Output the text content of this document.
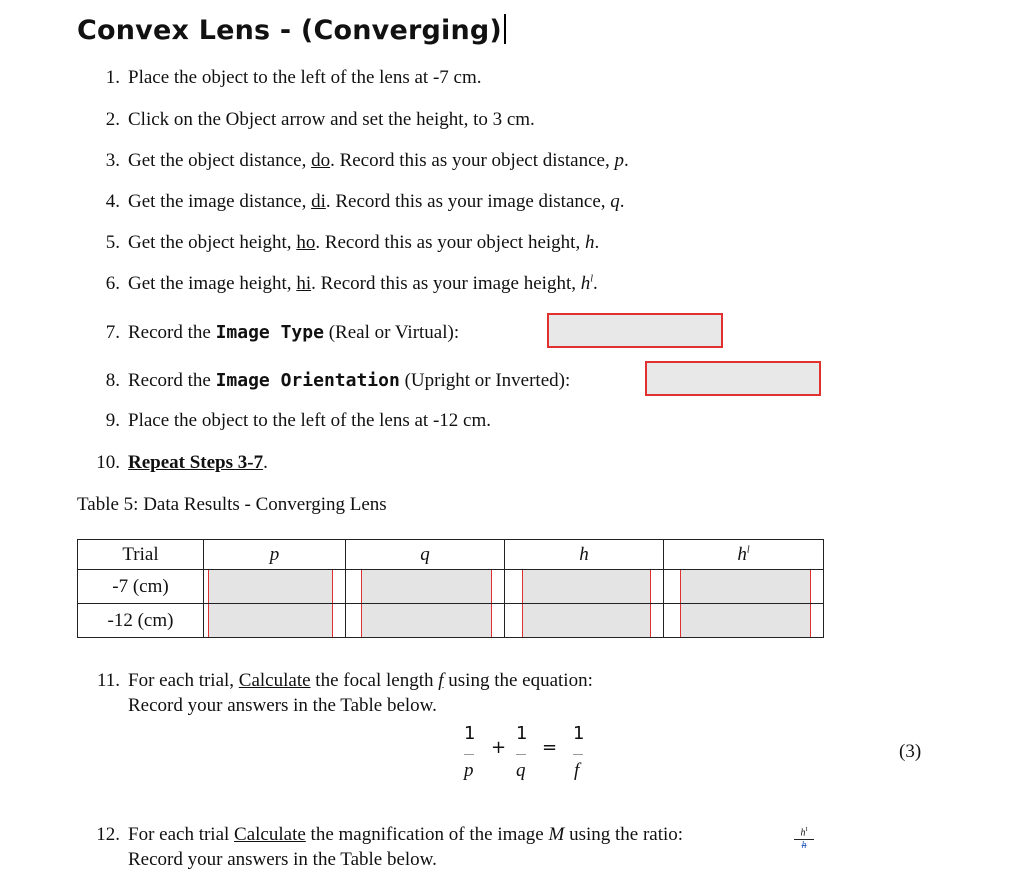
Convex Lens - (Converging)
1. Place the object to the left of the lens at -7 cm.
2. Click on the Object arrow and set the height, to 3 cm.
3. Get the object distance, do. Record this as your object distance, p.
4. Get the image distance, di. Record this as your image distance, q.
5. Get the object height, ho. Record this as your object height, h.
6. Get the image height, hi. Record this as your image height, $h^l$.
7. Record the Image Type (Real or Virtual):
8. Record the Image Orientation (Upright or Inverted):
9. Place the object to the left of the lens at -12 cm.
10. Repeat Steps 3-7.
Table 5: Data Results - Converging Lens
Trial	p	q	h	$h^l$
-7 (cm)	

-12 (cm)	

11. For each trial, Calculate the focal length f using the equation:
Record your answers in the Table below.
1
+
1
=
1
p q	f
(3)
12. For each trial Calculate the magnification of the image M using the ratio:	$h^t$
h
Record your answers in the Table below.
